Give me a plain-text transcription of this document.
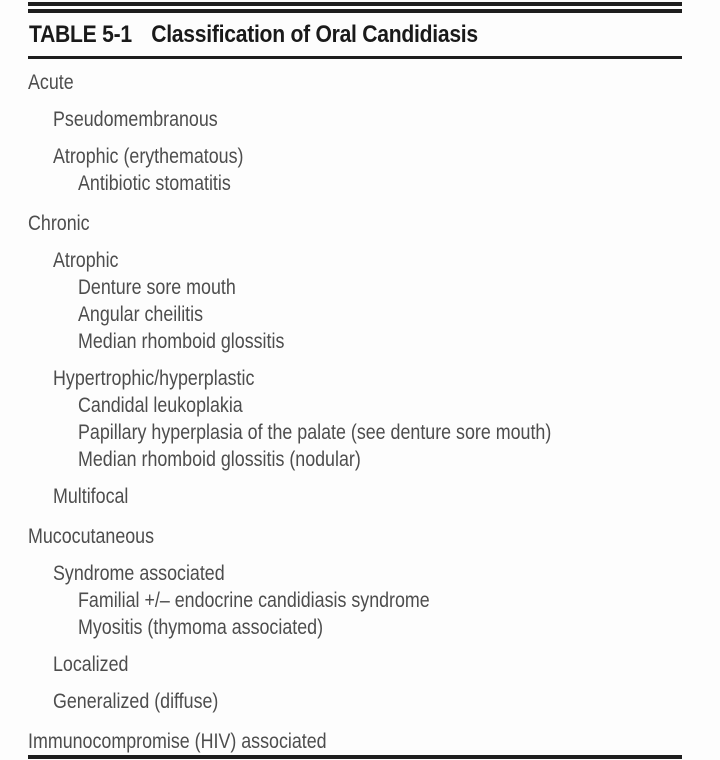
TABLE 5-1 Classification of Oral Candidiasis
Acute
Pseudomembranous
Atrophic (erythematous)
Antibiotic stomatitis
Chronic
Atrophic
Denture sore mouth
Angular cheilitis
Median rhomboid glossitis
Hypertrophic/hyperplastic
Candidal leukoplakia
Papillary hyperplasia of the palate (see denture sore mouth)
Median rhomboid glossitis (nodular)
Multifocal
Mucocutaneous
Syndrome associated
Familial +/– endocrine candidiasis syndrome
Myositis (thymoma associated)
Localized
Generalized (diffuse)
Immunocompromise (HIV) associated
